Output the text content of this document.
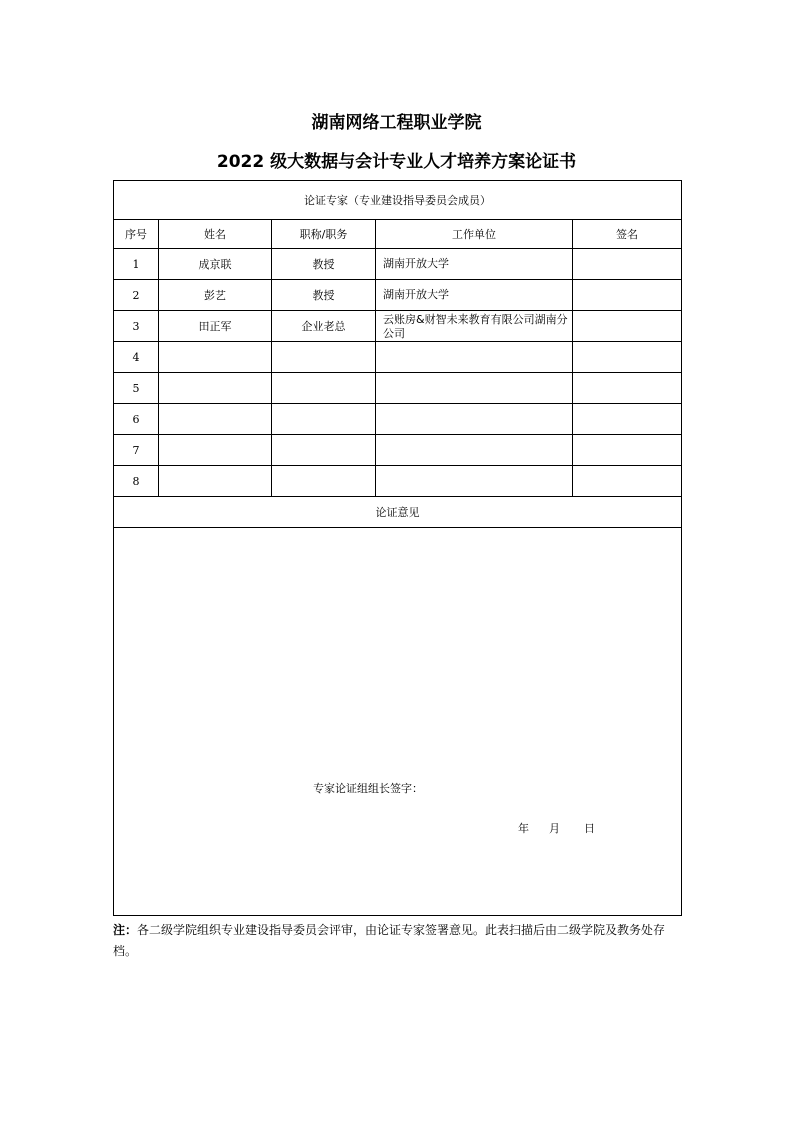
湖南网络工程职业学院
2022 级大数据与会计专业人才培养方案论证书
论证专家（专业建设指导委员会成员）				
序号	姓名	职称/职务	工作单位	签名
1	成京联	教授	湖南开放大学	
2	彭艺	教授	湖南开放大学	
3	田正军	企业老总	云账房&财智未来教育有限公司湖南分公司	
4				
5				
6				
7				
8				
论证意见				

专家论证组组长签字：
年 月 日				
注：各二级学院组织专业建设指导委员会评审，由论证专家签署意见。此表扫描后由二级学院及教务处存档。
